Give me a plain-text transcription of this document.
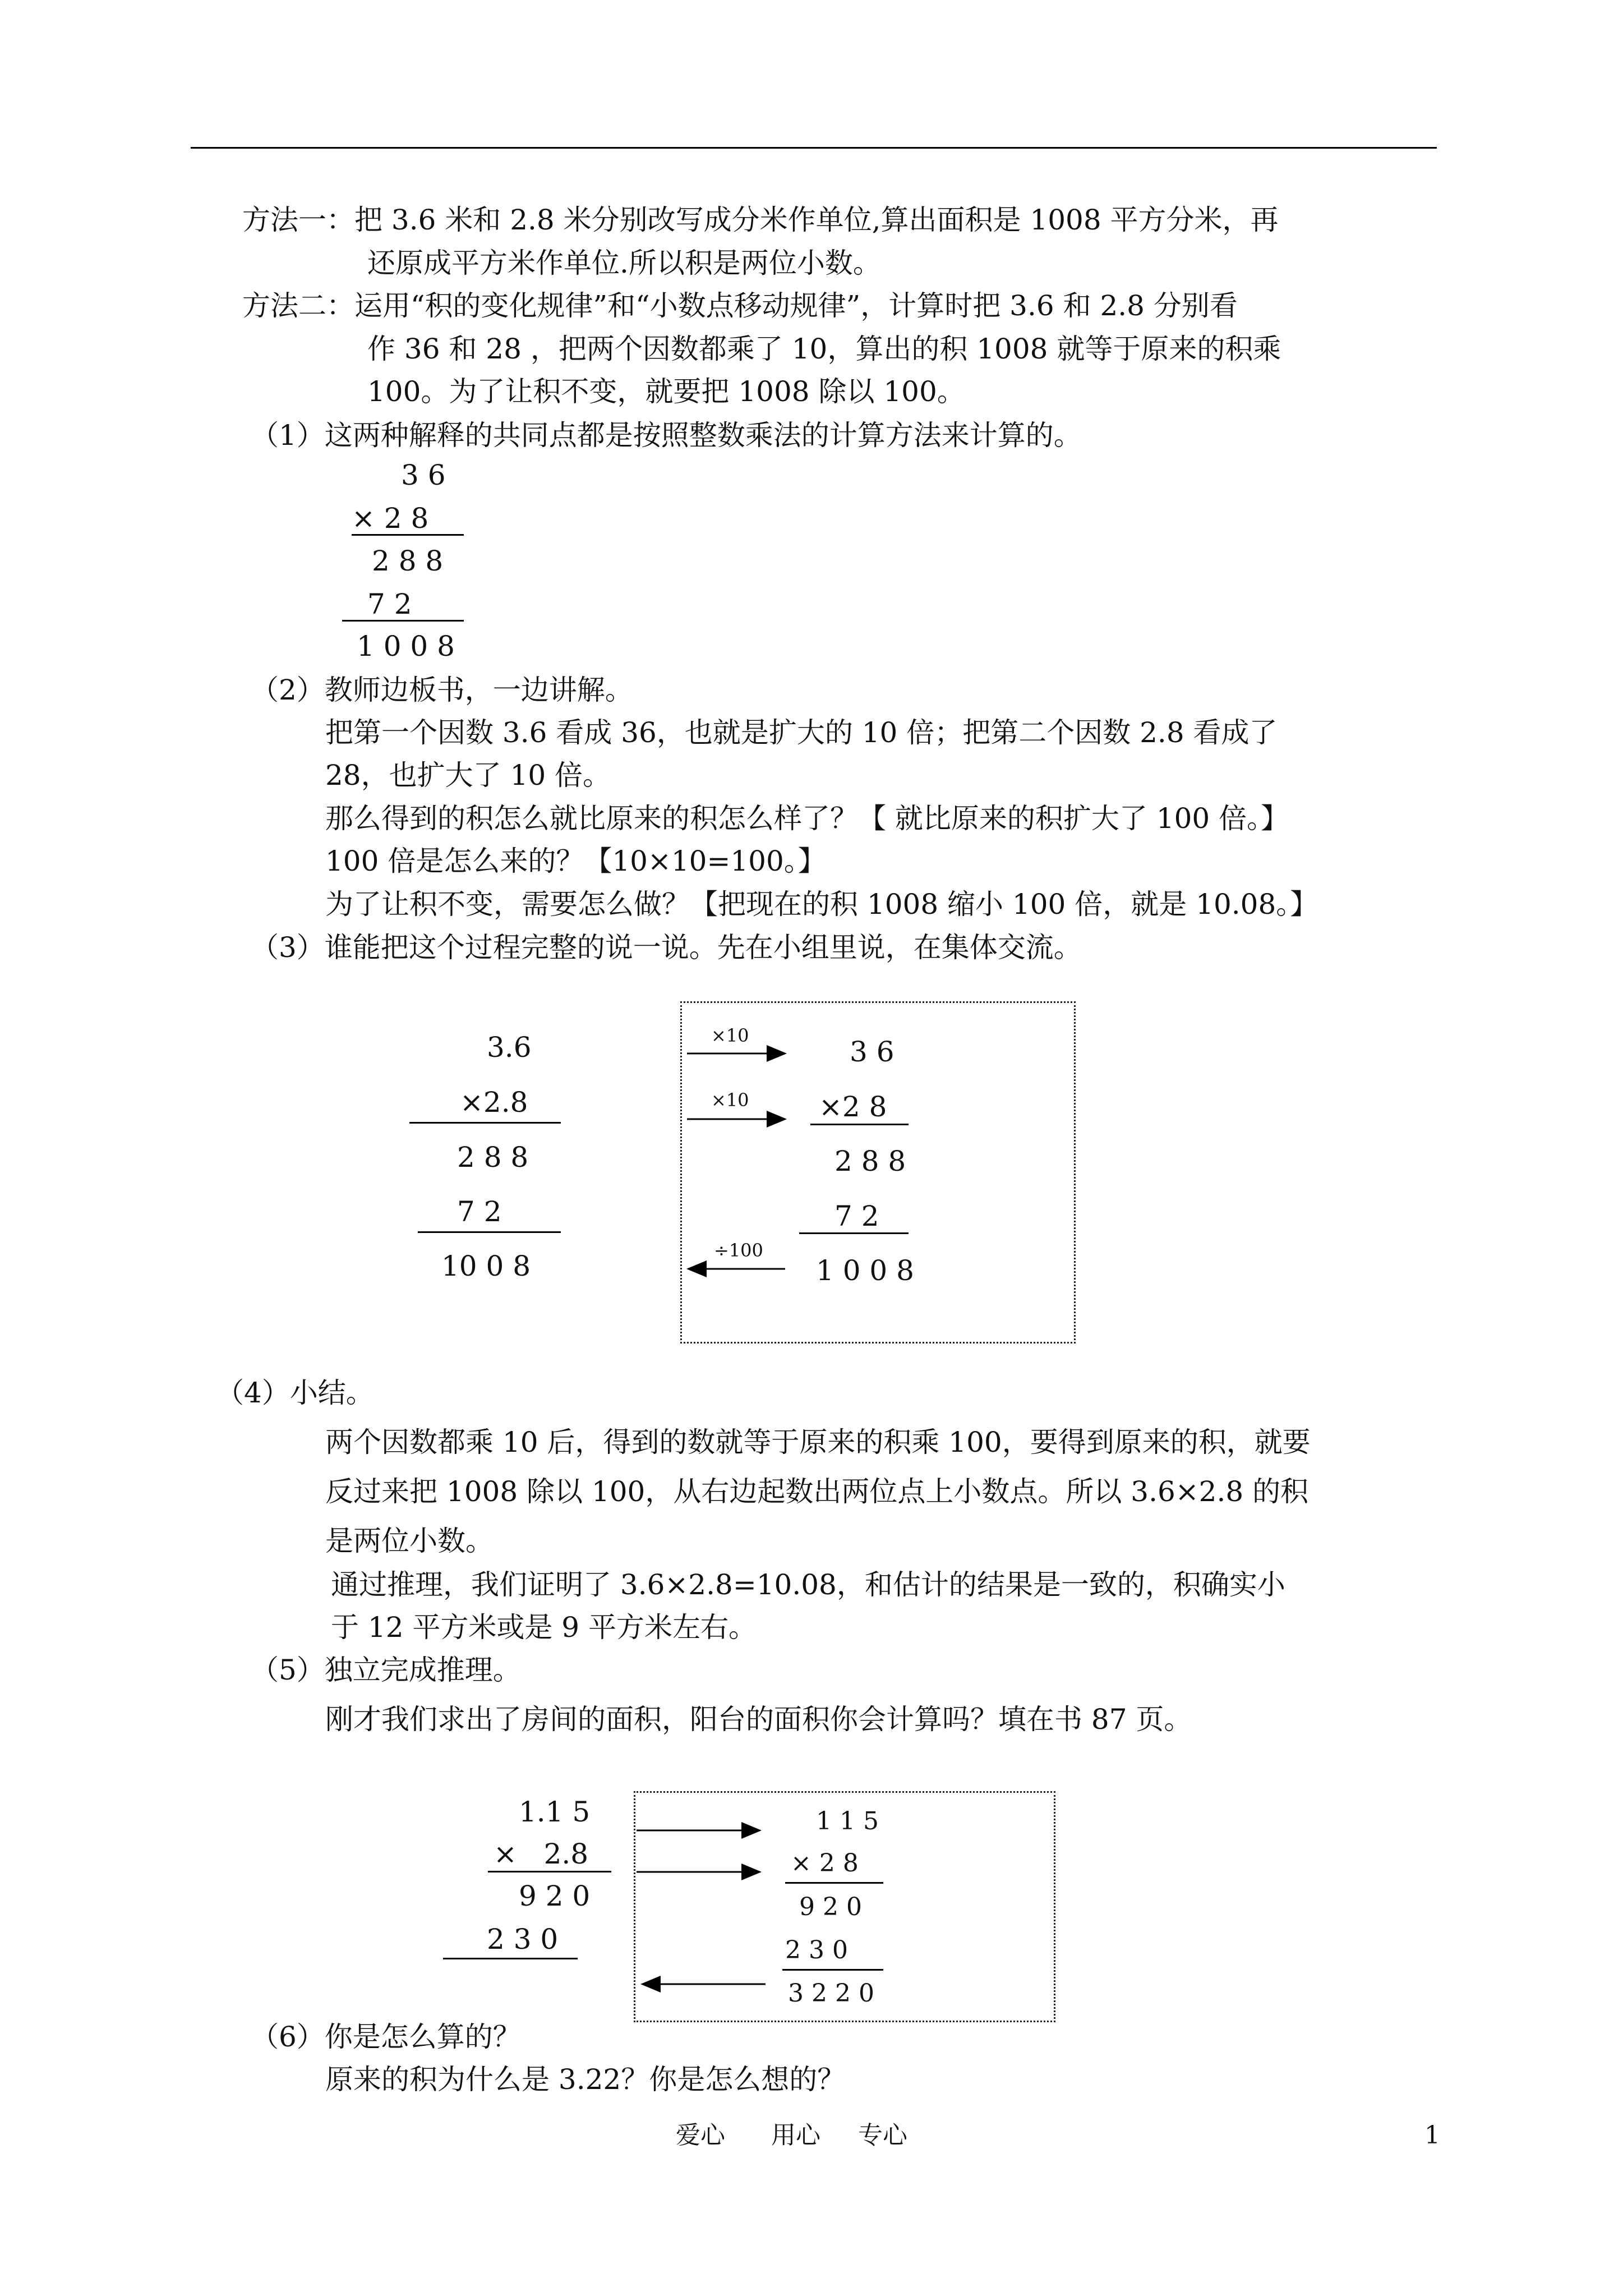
方法一：把 3.6 米和 2.8 米分别改写成分米作单位,算出面积是 1008 平方分米，再
还原成平方米作单位.所以积是两位小数。
方法二：运用“积的变化规律”和“小数点移动规律”，计算时把 3.6 和 2.8 分别看
作 36 和 28 ，把两个因数都乘了 10，算出的积 1008 就等于原来的积乘
100。为了让积不变，就要把 1008 除以 100。
（1）这两种解释的共同点都是按照整数乘法的计算方法来计算的。
3 6
× 2 8
2 8 8
7 2
1 0 0 8
（2）教师边板书，一边讲解。
把第一个因数 3.6 看成 36，也就是扩大的 10 倍；把第二个因数 2.8 看成了
28，也扩大了 10 倍。
那么得到的积怎么就比原来的积怎么样了？【 就比原来的积扩大了 100 倍。】
100 倍是怎么来的？【10×10=100。】
为了让积不变，需要怎么做？【把现在的积 1008 缩小 100 倍，就是 10.08。】
（3）谁能把这个过程完整的说一说。先在小组里说，在集体交流。
3.6
×2.8
2 8 8
7 2
10 0 8
×10
×10
÷100
3 6
×2 8
2 8 8
7 2
1 0 0 8
（4）小结。
两个因数都乘 10 后，得到的数就等于原来的积乘 100，要得到原来的积，就要
反过来把 1008 除以 100，从右边起数出两位点上小数点。所以 3.6×2.8 的积
是两位小数。
通过推理，我们证明了 3.6×2.8=10.08，和估计的结果是一致的，积确实小
于 12 平方米或是 9 平方米左右。
（5）独立完成推理。
刚才我们求出了房间的面积，阳台的面积你会计算吗？填在书 87 页。
1.1 5
×   2.8
9 2 0
2 3 0
1 1 5
× 2 8
9 2 0
2 3 0
3 2 2 0
（6）你是怎么算的？
原来的积为什么是 3.22？你是怎么想的？
爱心 用心 专心	1
